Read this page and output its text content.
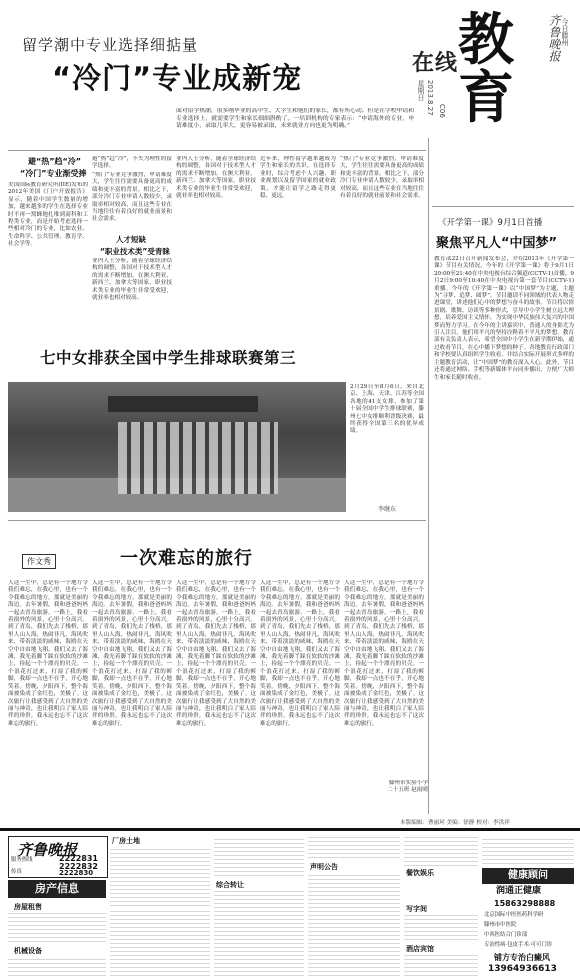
在线 教育
齐鲁晚报 今日滕州
星期日 2013.8.27 C06
留学潮中专业选择细掂量
“冷门”专业成新宠
面对留学热潮，很多刚毕业的高中生、大学生和他们的家长，都有所心动。但是在学校申请和专业选择上，就需要学生和家长细细斟酌了。一培训机构的专家表示：“申请海外的专业，申请难度小，录取几率大，更容易被录取，未来就业方向也更为明确。”
避“热”趋“冷”
“冷门”专业渐受捧
美国国际教育研究所(IIE)发布的2012年美国《门户开放报告》显示，随着中国学生数量的增加，越来越多的学生在选择专业时不再一窝蜂地扎堆到商科和工程类专业，而是开始考虑选择一些相对冷门的专业，比如农业、生命科学、公共管理、教育学、社会学等。
避“热”趋“冷”，不失为理性的留学选择。
“热门”专业竞争激烈，申请难度大，学生往往需要具备更高的成绩和更丰富的背景。相比之下，部分冷门专业申请人数较少，录取率相对较高，而且这些专业在当地往往有着良好的就业前景和社会需求。
人才短缺
“职业技术类”受青睐
业内人士分析，随着全球经济结构的调整，各国对于技术型人才的需求不断增加。在澳大利亚、新西兰、加拿大等国家，职业技术类专业的毕业生非常受欢迎，就业率也相对较高。
业内人士分析，随着全球经济结构的调整，各国对于技术型人才的需求不断增加。在澳大利亚、新西兰、加拿大等国家，职业技术类专业的毕业生非常受欢迎，就业率也相对较高。
近年来，理性留学越来越成为学生和家长的共识。在选择专业时，综合考虑个人兴趣、职业规划以及留学国家的就业政策，才能让留学之路走得更稳、更远。
“热门”专业竞争激烈，申请难度大，学生往往需要具备更高的成绩和更丰富的背景。相比之下，部分冷门专业申请人数较少，录取率相对较高，而且这些专业在当地往往有着良好的就业前景和社会需求。
《开学第一课》9月1日首播
聚焦平凡人“中国梦”
教育部22日召开新闻发布会，介绍2013年《开学第一课》节目有关情况。今年的《开学第一课》将于9月1日20:00至21:40在中央电视台综合频道(CCTV-1)首播，9月2日9:00至10:40在中央电视台第一套节目(CCTV-1)重播。今年的《开学第一课》以“中国梦”为主题，主题为“寻梦、追梦、圆梦”。节目邀请不同领域的代表人物走进课堂，讲述他们心中的梦想与奋斗的故事。节目将以情景剧、歌舞、访谈等多种形式，引导中小学生树立远大理想，培养爱国主义情怀，为实现中华民族伟大复兴的中国梦而努力学习。在今年的主讲嘉宾中，普通人的身影尤为引人注目，他们用平凡的坚持诠释着不平凡的梦想。教育部有关负责人表示，希望全国中小学生在新学期伊始，通过收看节目，在心中播下梦想的种子。各地教育行政部门和学校要认真组织学生收看，并结合实际开展形式多样的主题教育活动，让“中国梦”的教育深入人心。此外，节目还将通过网络、手机等新媒体平台同步播出，方便广大师生和家长随时收看。
七中女排获全国中学生排球联赛第三
2月29日至8月6日，来自北京、上海、天津、江苏等全国各地的41支女排，参加了第十届全国中学生排球联赛，滕州七中女排顺利晋级决赛，最终获得全国第三名的优异成绩。
李继东
作文秀	一次难忘的旅行
人这一生中，总是有一个地方令我们难忘，在我心里，也有一个令我难忘的地方。那就是美丽的海边。去年暑假，我和爸爸妈妈一起去青岛旅游。一路上，我看着窗外的风景，心里十分高兴。到了青岛，我们先去了栈桥，那里人山人海，热闹非凡。海风吹来，带着淡淡的咸味，海鸥在天空中自由地飞翔。我们又去了海滩，我光着脚丫踩在软软的沙滩上，捡起一个个漂亮的贝壳。一个浪花打过来，打湿了我的裤脚，我却一点也不在乎，开心地笑着。傍晚，夕阳西下，整个海面被染成了金红色，美极了。这次旅行让我感受到了大自然的美丽与神奇，也让我明白了家人陪伴的珍贵。我永远也忘不了这次难忘的旅行。
人这一生中，总是有一个地方令我们难忘，在我心里，也有一个令我难忘的地方。那就是美丽的海边。去年暑假，我和爸爸妈妈一起去青岛旅游。一路上，我看着窗外的风景，心里十分高兴。到了青岛，我们先去了栈桥，那里人山人海，热闹非凡。海风吹来，带着淡淡的咸味，海鸥在天空中自由地飞翔。我们又去了海滩，我光着脚丫踩在软软的沙滩上，捡起一个个漂亮的贝壳。一个浪花打过来，打湿了我的裤脚，我却一点也不在乎，开心地笑着。傍晚，夕阳西下，整个海面被染成了金红色，美极了。这次旅行让我感受到了大自然的美丽与神奇，也让我明白了家人陪伴的珍贵。我永远也忘不了这次难忘的旅行。
人这一生中，总是有一个地方令我们难忘，在我心里，也有一个令我难忘的地方。那就是美丽的海边。去年暑假，我和爸爸妈妈一起去青岛旅游。一路上，我看着窗外的风景，心里十分高兴。到了青岛，我们先去了栈桥，那里人山人海，热闹非凡。海风吹来，带着淡淡的咸味，海鸥在天空中自由地飞翔。我们又去了海滩，我光着脚丫踩在软软的沙滩上，捡起一个个漂亮的贝壳。一个浪花打过来，打湿了我的裤脚，我却一点也不在乎，开心地笑着。傍晚，夕阳西下，整个海面被染成了金红色，美极了。这次旅行让我感受到了大自然的美丽与神奇，也让我明白了家人陪伴的珍贵。我永远也忘不了这次难忘的旅行。
人这一生中，总是有一个地方令我们难忘，在我心里，也有一个令我难忘的地方。那就是美丽的海边。去年暑假，我和爸爸妈妈一起去青岛旅游。一路上，我看着窗外的风景，心里十分高兴。到了青岛，我们先去了栈桥，那里人山人海，热闹非凡。海风吹来，带着淡淡的咸味，海鸥在天空中自由地飞翔。我们又去了海滩，我光着脚丫踩在软软的沙滩上，捡起一个个漂亮的贝壳。一个浪花打过来，打湿了我的裤脚，我却一点也不在乎，开心地笑着。傍晚，夕阳西下，整个海面被染成了金红色，美极了。这次旅行让我感受到了大自然的美丽与神奇，也让我明白了家人陪伴的珍贵。我永远也忘不了这次难忘的旅行。
人这一生中，总是有一个地方令我们难忘，在我心里，也有一个令我难忘的地方。那就是美丽的海边。去年暑假，我和爸爸妈妈一起去青岛旅游。一路上，我看着窗外的风景，心里十分高兴。到了青岛，我们先去了栈桥，那里人山人海，热闹非凡。海风吹来，带着淡淡的咸味，海鸥在天空中自由地飞翔。我们又去了海滩，我光着脚丫踩在软软的沙滩上，捡起一个个漂亮的贝壳。一个浪花打过来，打湿了我的裤脚，我却一点也不在乎，开心地笑着。傍晚，夕阳西下，整个海面被染成了金红色，美极了。这次旅行让我感受到了大自然的美丽与神奇，也让我明白了家人陪伴的珍贵。我永远也忘不了这次难忘的旅行。
滕州市实验小学
二十五班 赵雨晴
本版编辑：曹丽珂 美编：徐静 校对：李洪祥
齐鲁晚报
服务热线	2222831
2222832
传真	2222830
房产信息
房屋租售
机械设备
厂房土地
综合转让
声明公告
餐饮娱乐
写字间
酒店宾馆
健康顾问
润通正健康
15863298888
北京国际中医医药科学研
滕州市中医院
中西医结合门诊部
专治性病·包皮手术·可可门诊
铺方专治白癜风
13964936613
